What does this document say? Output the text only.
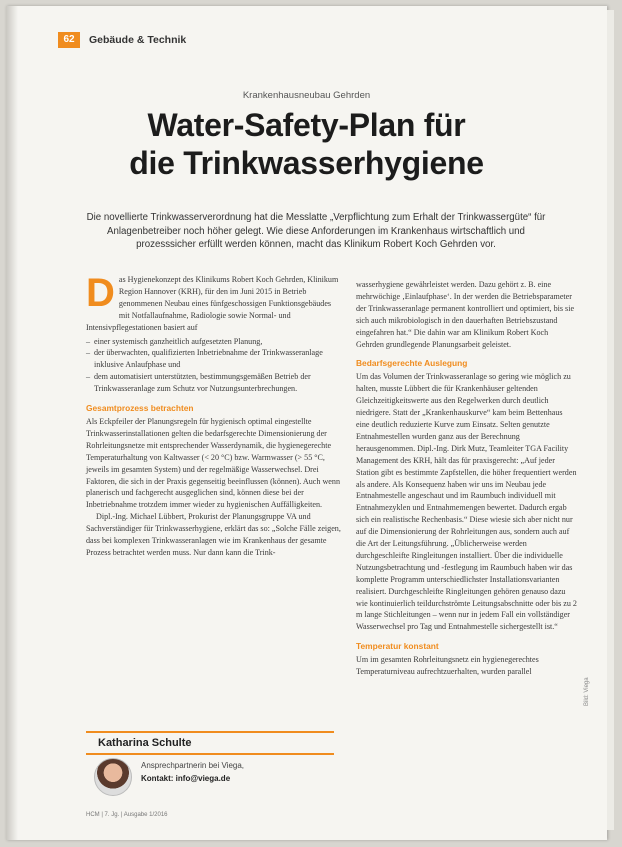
62	Gebäude & Technik
Krankenhausneubau Gehrden
Water-Safety-Plan für
die Trinkwasserhygiene
Die novellierte Trinkwasserverordnung hat die Messlatte „Verpflichtung zum Erhalt der Trinkwassergüte“ für Anlagenbetreiber noch höher gelegt. Wie diese Anforderungen im Krankenhaus wirtschaftlich und prozesssicher erfüllt werden können, macht das Klinikum Robert Koch Gehrden vor.
D as Hygienekonzept des Klinikums Robert Koch Gehrden, Klinikum Region Hannover (KRH), für den im Juni 2015 in Betrieb genommenen Neubau eines fünfgeschossigen Funktionsgebäudes mit Notfallaufnahme, Radiologie sowie Normal- und Intensivpflegestationen basiert auf

– einer systemisch ganzheitlich aufgesetzten Planung,
– der überwachten, qualifizierten Inbetriebnahme der Trinkwasseranlage inklusive Anlaufphase und
– dem automatisiert unterstützten, bestimmungsgemäßen Betrieb der Trinkwasseranlage zum Schutz vor Nutzungsunterbrechungen.
Gesamtprozess betrachten

Als Eckpfeiler der Planungsregeln für hygienisch optimal eingestellte Trinkwasserinstallationen gelten die bedarfsgerechte Dimensionierung der Rohrleitungsnetze mit entsprechender Wasserdynamik, die hygienegerechte Temperaturhaltung von Kaltwasser (< 20 °C) bzw. Warmwasser (> 55 °C, jeweils im gesamten System) und der regelmäßige Wasserwechsel. Drei Faktoren, die sich in der Praxis gegenseitig beeinflussen (können). Auch wenn planerisch und fachgerecht ausgeglichen sind, können diese bei der Inbetriebnahme trotzdem immer wieder zu hygienischen Auffälligkeiten.

Dipl.-Ing. Michael Lübbert, Prokurist der Planungsgruppe VA und Sachverständiger für Trinkwasserhygiene, erklärt das so: „Solche Fälle zeigen, dass bei komplexen Trinkwasseranlagen wie im Krankenhaus der gesamte Prozess betrachtet werden muss. Nur dann kann die Trink-

wasserhygiene gewährleistet werden. Dazu gehört z. B. eine mehrwöchige ‚Einlaufphase‘. In der werden die Betriebsparameter der Trinkwasseranlage permanent kontrolliert und optimiert, bis sie sich auch mikrobiologisch in den dauerhaften Betriebszustand eingefahren hat.“ Die dahin war am Klinikum Robert Koch Gehrden grundlegende Planungsarbeit geleistet.

Bedarfsgerechte Auslegung

Um das Volumen der Trinkwasseranlage so gering wie möglich zu halten, musste Lübbert die für Krankenhäuser geltenden Gleichzeitigkeitswerte aus den Regelwerken durch deutlich niedrigere. Statt der „Krankenhauskurve“ kam beim Bettenhaus eine deutlich reduzierte Kurve zum Einsatz. Selten genutzte Entnahmestellen wurden ganz aus der Berechnung herausgenommen. Dipl.-Ing. Dirk Mutz, Teamleiter TGA Facility Management des KRH, hält das für praxisgerecht: „Auf jeder Station gibt es bestimmte Zapfstellen, die höher frequentiert werden als andere. Als Konsequenz haben wir uns im Neubau jede Entnahmestelle angeschaut und im Raumbuch individuell mit Entnahmezyklen und Entnahmemengen bewertet. Dadurch ergab sich ein realistische Rechenbasis.“ Diese wiesie sich aber nicht nur auf die Dimensionierung der Rohrleitungen aus, sondern auch auf die Art der Leitungsführung. „Üblicherweise werden durchgeschleifte Ringleitungen installiert. Über die individuelle Nutzungsbetrachtung und -festlegung im Raumbuch haben wir das komplette Programm unterschiedlichster Installationsvarianten realisiert. Durchgeschleifte Ringleitungen gehören genauso dazu wie kontinuierlich teildurchströmte Leitungsabschnitte oder bis zu 2 m lange Stichleitungen – wenn nur in jedem Fall ein vollständiger Wasserwechsel pro Tag und Entnahmestelle sichergestellt ist.“

Temperatur konstant

Um im gesamten Rohrleitungsnetz ein hygienegerechtes Temperaturniveau aufrechtzuerhalten, wurden parallel

Katharina Schulte
Ansprechpartnerin bei Viega,
Kontakt: info@viega.de
HCM | 7. Jg. | Ausgabe 1/2016
Bild: Viega
